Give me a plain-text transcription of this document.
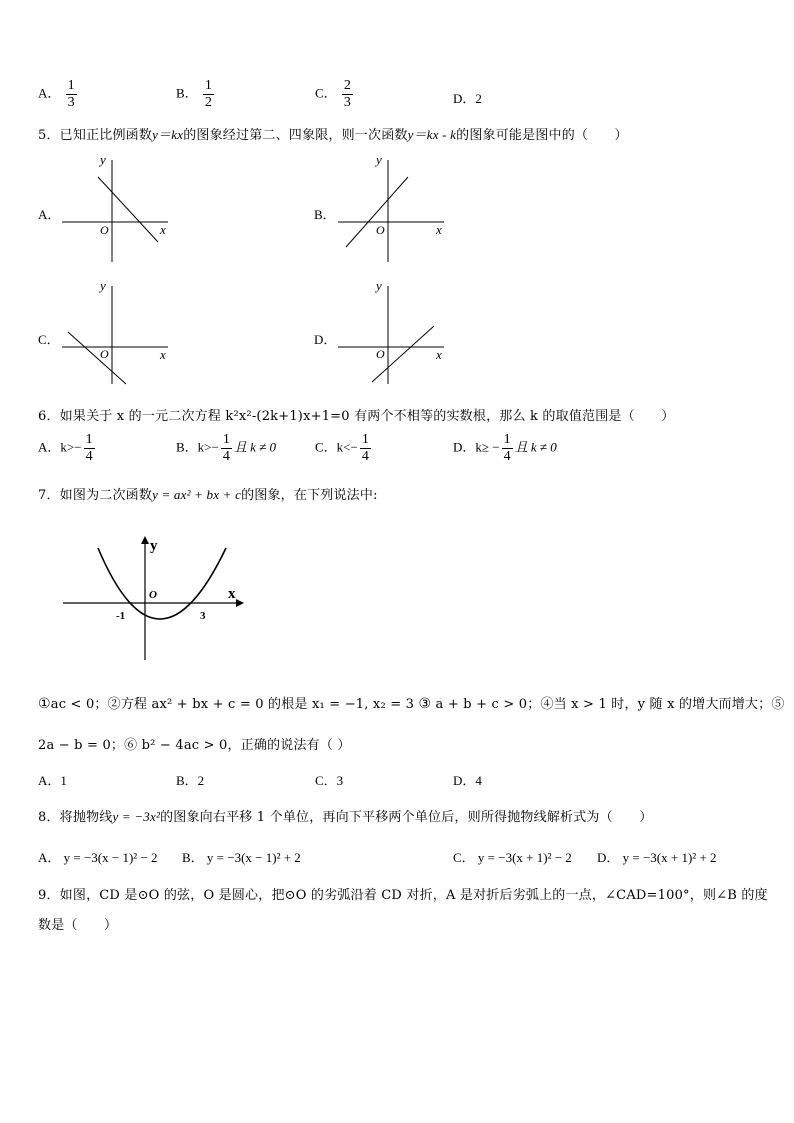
A． $\frac{1}{3}$	B． $\frac{1}{2}$	C． $\frac{2}{3}$	D．2
5．已知正比例函数y＝kx的图象经过第二、四象限，则一次函数y＝kx - k的图象可能是图中的（　　）
A．	B．
C．	D．
y
x
O
y
x
O
y
x
O
y
x
O
6．如果关于 x 的一元二次方程 k²x²-(2k+1)x+1=0 有两个不相等的实数根，那么 k 的取值范围是（　　）
A．$k>- \frac{1}{4}$	B．$k>- \frac{1}{4}$ 且 k ≠ 0	C．$k<- \frac{1}{4}$	D．$k\ge - \frac{1}{4}$ 且 k ≠ 0
7．如图为二次函数y = ax² + bx + c的图象，在下列说法中:
y
x
O
-1	3
①ac < 0；②方程 ax² + bx + c = 0 的根是 x₁ = −1, x₂ = 3 ③ a + b + c > 0；④当 x > 1 时，y 随 x 的增大而增大；⑤
2a − b = 0；⑥ b² − 4ac > 0，正确的说法有（ ）
A．1	B．2	C．3	D．4
8．将抛物线y = −3x²的图象向右平移 1 个单位，再向下平移两个单位后，则所得抛物线解析式为（　　）
A． y = −3(x − 1)² − 2 B． y = −3(x − 1)² + 2	C． y = −3(x + 1)² − 2 D． y = −3(x + 1)² + 2
9．如图，CD 是⊙O 的弦，O 是圆心，把⊙O 的劣弧沿着 CD 对折，A 是对折后劣弧上的一点，∠CAD=100°，则∠B 的度
数是（　　）
